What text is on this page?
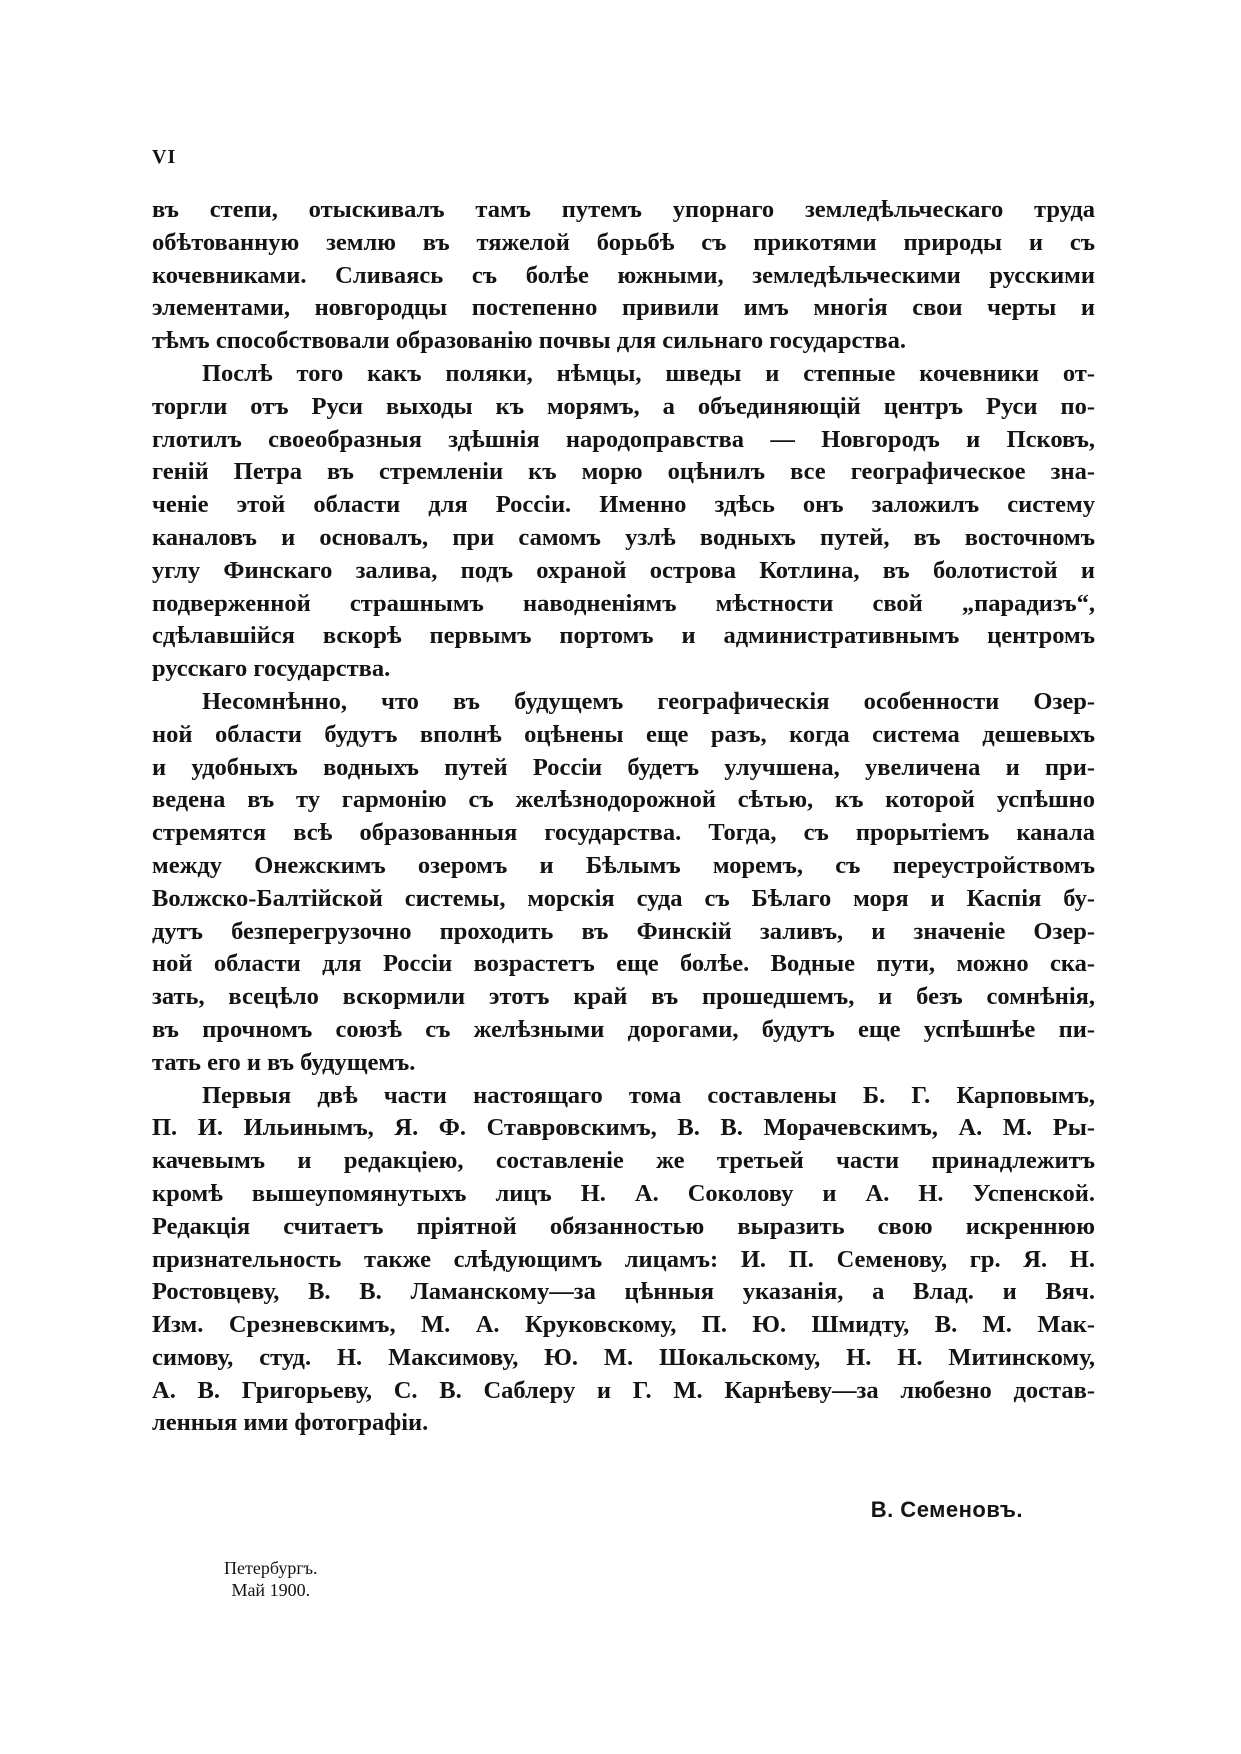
VI
въ степи, отыскивалъ тамъ путемъ упорнаго земледѣльческаго труда
обѣтованную землю въ тяжелой борьбѣ съ прикотями природы и съ
кочевниками. Сливаясь съ болѣе южными, земледѣльческими русскими
элементами, новгородцы постепенно привили имъ многія свои черты и
тѣмъ способствовали образованію почвы для сильнаго государства.
Послѣ того какъ поляки, нѣмцы, шведы и степные кочевники от-
торгли отъ Руси выходы къ морямъ, а объединяющій центръ Руси по-
глотилъ своеобразныя здѣшнія народоправства — Новгородъ и Псковъ,
геній Петра въ стремленіи къ морю оцѣнилъ все географическое зна-
ченіе этой области для Россіи. Именно здѣсь онъ заложилъ систему
каналовъ и основалъ, при самомъ узлѣ водныхъ путей, въ восточномъ
углу Финскаго залива, подъ охраной острова Котлина, въ болотистой и
подверженной страшнымъ наводненіямъ мѣстности свой „парадизъ“,
сдѣлавшійся вскорѣ первымъ портомъ и административнымъ центромъ
русскаго государства.
Несомнѣнно, что въ будущемъ географическія особенности Озер-
ной области будутъ вполнѣ оцѣнены еще разъ, когда система дешевыхъ
и удобныхъ водныхъ путей Россіи будетъ улучшена, увеличена и при-
ведена въ ту гармонію съ желѣзнодорожной сѣтью, къ которой успѣшно
стремятся всѣ образованныя государства. Тогда, съ прорытіемъ канала
между Онежскимъ озеромъ и Бѣлымъ моремъ, съ переустройствомъ
Волжско-Балтійской системы, морскія суда съ Бѣлаго моря и Каспія бу-
дутъ безперегрузочно проходить въ Финскій заливъ, и значеніе Озер-
ной области для Россіи возрастетъ еще болѣе. Водные пути, можно ска-
зать, всецѣло вскормили этотъ край въ прошедшемъ, и безъ сомнѣнія,
въ прочномъ союзѣ съ желѣзными дорогами, будутъ еще успѣшнѣе пи-
тать его и въ будущемъ.
Первыя двѣ части настоящаго тома составлены Б. Г. Карповымъ,
П. И. Ильинымъ, Я. Ф. Ставровскимъ, В. В. Морачевскимъ, А. М. Ры-
качевымъ и редакціею, составленіе же третьей части принадлежитъ
кромѣ вышеупомянутыхъ лицъ Н. А. Соколову и А. Н. Успенской.
Редакція считаетъ пріятной обязанностью выразить свою искреннюю
признательность также слѣдующимъ лицамъ: И. П. Семенову, гр. Я. Н.
Ростовцеву, В. В. Ламанскому—за цѣнныя указанія, а Влад. и Вяч.
Изм. Срезневскимъ, М. А. Круковскому, П. Ю. Шмидту, В. М. Мак-
симову, студ. Н. Максимову, Ю. М. Шокальскому, Н. Н. Митинскому,
А. В. Григорьеву, С. В. Саблеру и Г. М. Карнѣеву—за любезно достав-
ленныя ими фотографіи.
В. Семеновъ.
Петербургъ.
Май 1900.
